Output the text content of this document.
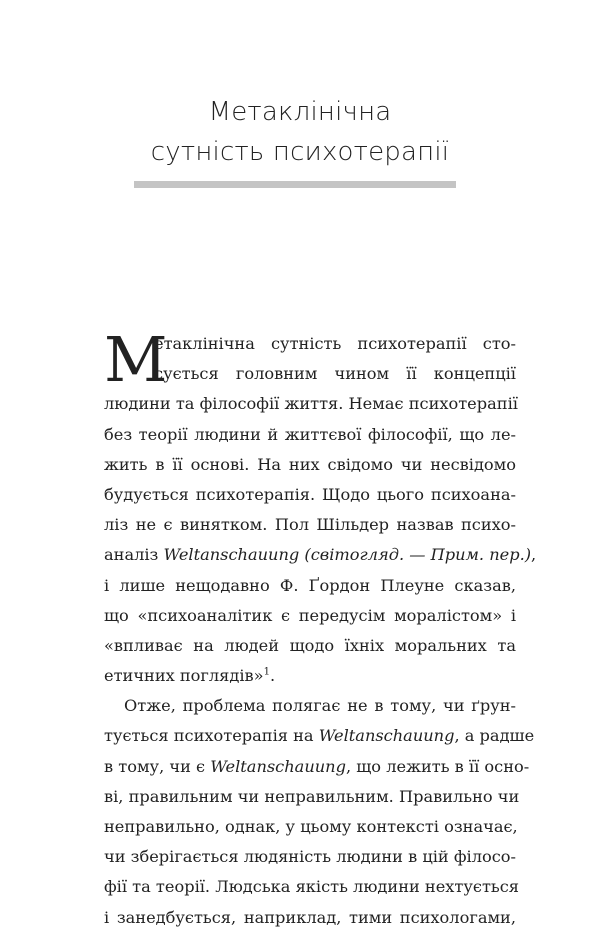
Метаклінічна
сутність психотерапії
М
етаклінічна сутність психотерапії сто-
сується головним чином її концепції
людини та філософії життя. Немає психотерапії
без теорії людини й життєвої філософії, що ле-
жить в її основі. На них свідомо чи несвідомо
будується психотерапія. Щодо цього психоана-
ліз не є винятком. Пол Шільдер назвав психо-
аналіз Weltanschauung (світогляд. — Прим. пер.),
і лише нещодавно Ф. Ґордон Плеуне сказав,
що «психоаналітик є передусім моралістом» і
«впливає на людей щодо їхніх моральних та
етичних поглядів»$^1$.
Отже, проблема полягає не в тому, чи ґрун-
тується психотерапія на Weltanschauung, а радше
в тому, чи є Weltanschauung, що лежить в її осно-
ві, правильним чи неправильним. Правильно чи
неправильно, однак, у цьому контексті означає,
чи зберігається людяність людини в цій філосо-
фії та теорії. Людська якість людини нехтується
і занедбується, наприклад, тими психологами,
